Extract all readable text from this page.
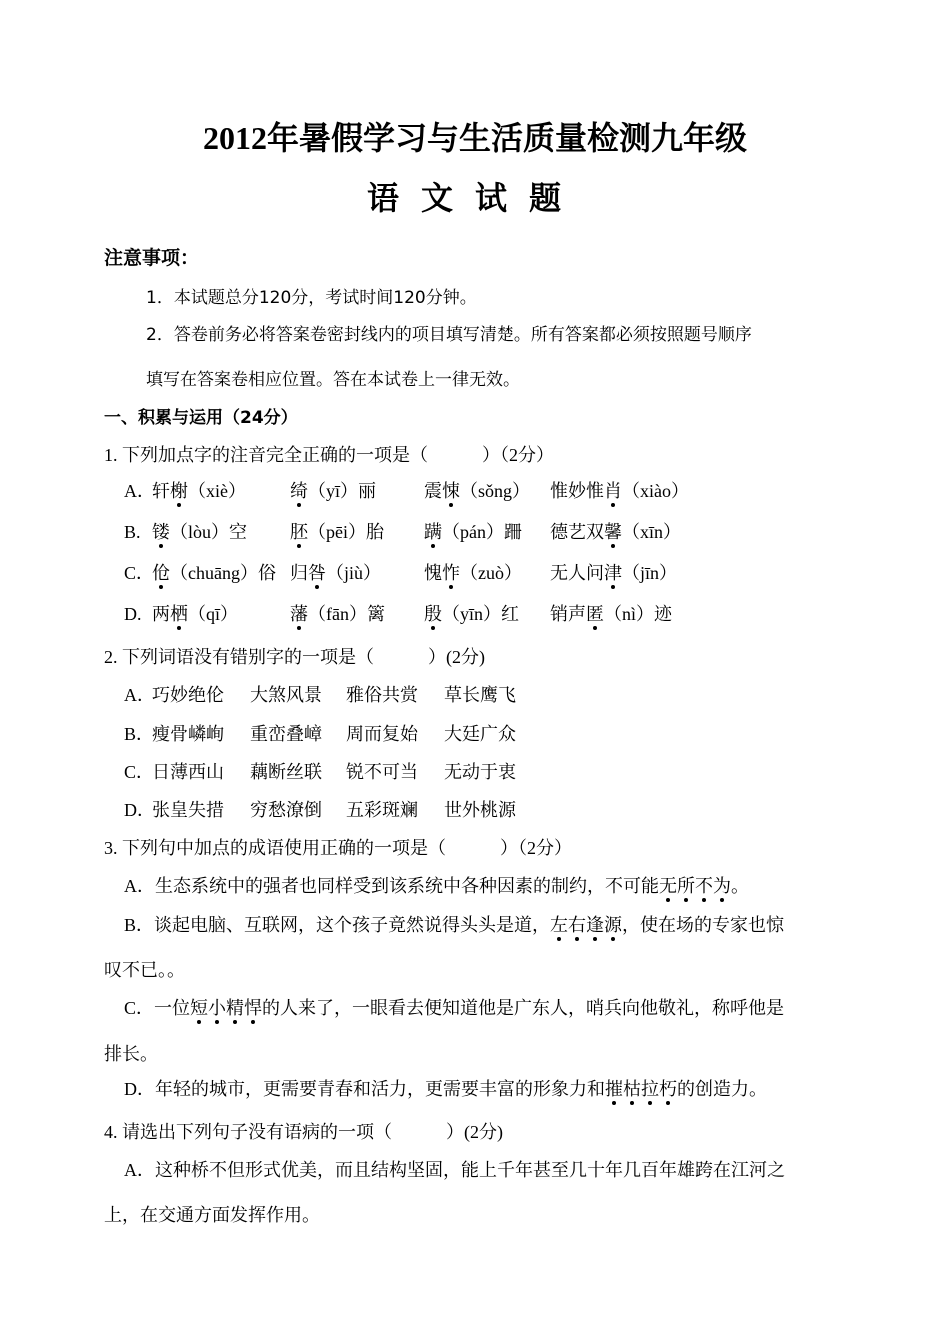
2012年暑假学习与生活质量检测九年级
语文试题
注意事项：
1．本试题总分120分，考试时间120分钟。
2．答卷前务必将答案卷密封线内的项目填写清楚。所有答案都必须按照题号顺序
填写在答案卷相应位置。答在本试卷上一律无效。
一、积累与运用（24分）
1. 下列加点字的注音完全正确的一项是（　　　）（2分）
A．
轩榭（xiè） 绮（yī）丽	震悚（sǒng） 惟妙惟肖（xiào）
B. 镂（lòu）空 胚（pēi）胎 蹒（pán）跚 德艺双馨（xīn）
C．
伧（chuāng）俗 归咎（jiù） 愧怍（zuò） 无人问津（jīn）
D. 两栖（qī）	藩（fān）篱 殷（yīn）红 销声匿（nì）迹
2. 下列词语没有错别字的一项是（　　　）(2分)
A．
巧妙绝伦 大煞风景 雅俗共赏 草长鹰飞
B．
瘦骨嶙峋 重峦叠嶂 周而复始 大廷广众
C．
日薄西山 藕断丝联 锐不可当 无动于衷
D．
张皇失措 穷愁潦倒 五彩斑斓 世外桃源
3. 下列句中加点的成语使用正确的一项是（　　　）（2分）
A．生态系统中的强者也同样受到该系统中各种因素的制约，不可能无所不为。
B．谈起电脑、互联网，这个孩子竟然说得头头是道，左右逢源，使在场的专家也惊
叹不已。。
C．一位短小精悍的人来了，一眼看去便知道他是广东人，哨兵向他敬礼，称呼他是
排长。
D．年轻的城市，更需要青春和活力，更需要丰富的形象力和摧枯拉朽的创造力。
4. 请选出下列句子没有语病的一项（　　　）(2分)
A．这种桥不但形式优美，而且结构坚固，能上千年甚至几十年几百年雄跨在江河之
上，在交通方面发挥作用。
